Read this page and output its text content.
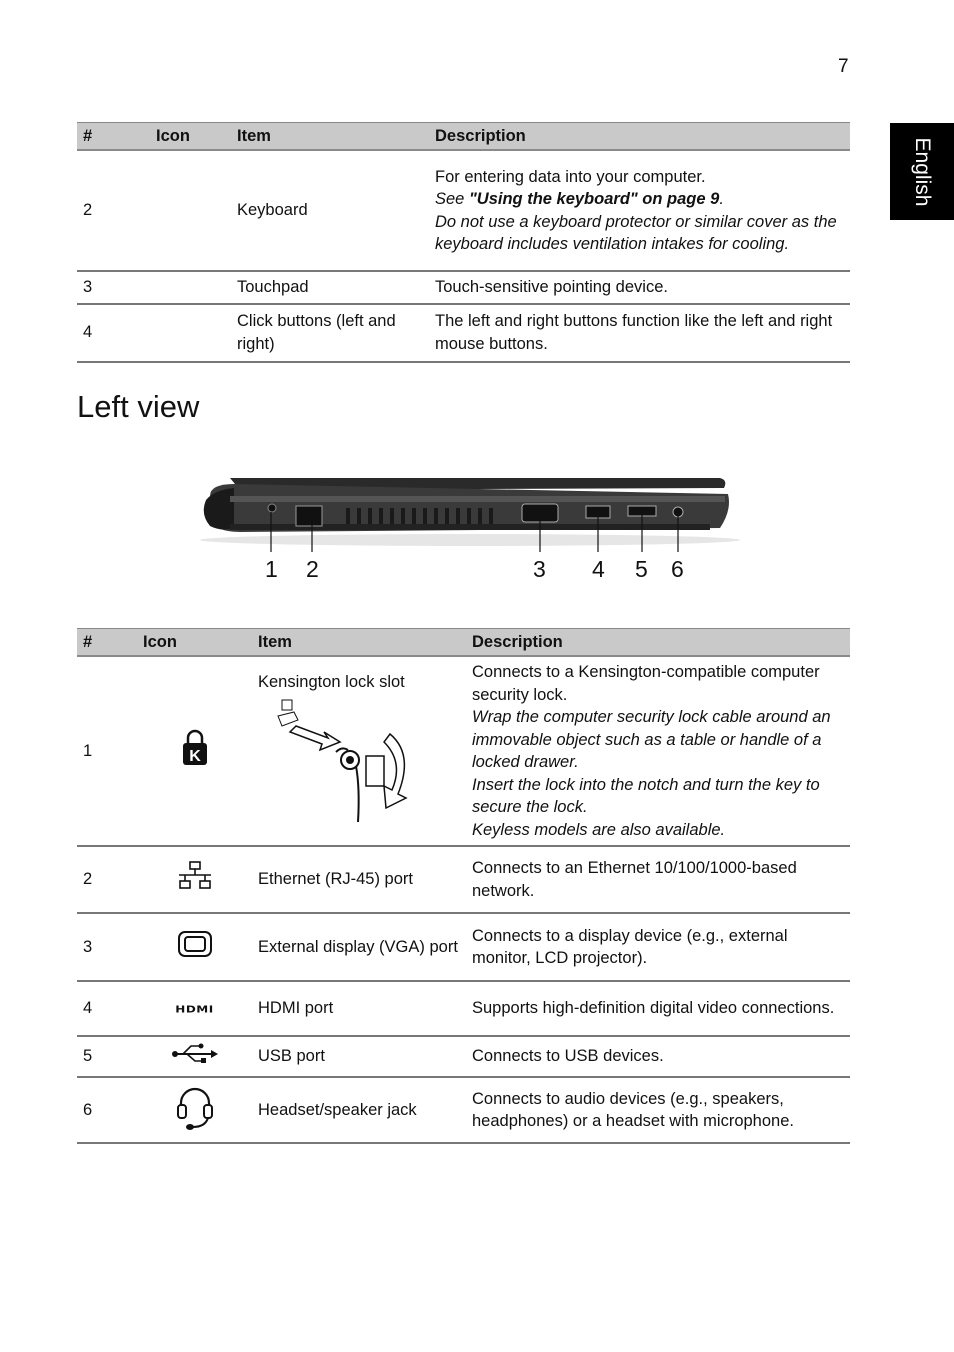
7
English
#	Icon	Item	Description
2		Keyboard	For entering data into your computer.
See "Using the keyboard" on page 9.
Do not use a keyboard protector or similar cover as the keyboard includes ventilation intakes for cooling.

3		Touchpad	Touch-sensitive pointing device.
4		Click buttons (left and right)	The left and right buttons function like the left and right mouse buttons.
Left view
1 2	3 4 5 6
#	Icon	Item	Description
1	K	Kensington lock slot	Connects to a Kensington-compatible computer security lock.
Wrap the computer security lock cable around an immovable object such as a table or handle of a locked drawer.
Insert the lock into the notch and turn the key to secure the lock.
Keyless models are also available.

2		Ethernet (RJ-45) port	Connects to an Ethernet 10/100/1000-based network.
3		External display (VGA) port	Connects to a display device (e.g., external monitor, LCD projector).
4	HDMI	HDMI port	Supports high-definition digital video connections.
5		USB port	Connects to USB devices.
6		Headset/speaker jack	Connects to audio devices (e.g., speakers, headphones) or a headset with microphone.
